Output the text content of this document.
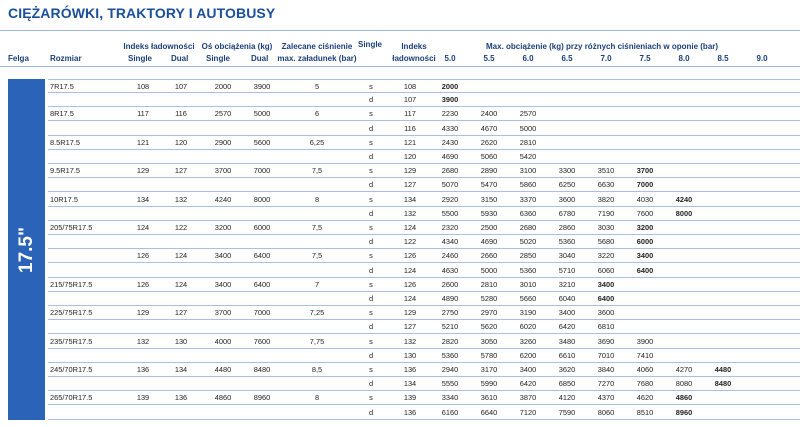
CIĘŻARÓWKI, TRAKTORY I AUTOBUSY
Felga	Rozmiar
Indeks ładowności
Single Dual
Oś obciążenia (kg)
Single	Dual
Zalecane ciśnienie
max. załadunek (bar)
Single	Indeks
ładowności
Max. obciążenie (kg) przy różnych ciśnieniach w oponie (bar)
5.0	5.5	6.0	6.5	7.0	7.5	8.0	8.5	9.0
17.5"
7R17.5	108	107	2000	3900	5	s	108	2000
d	107	3900
8R17.5	117	116	2570	5000	6	s	117	2230	2400	2570
d	116	4330	4670	5000
8.5R17.5	121	120	2900	5600	6,25	s	121	2430	2620	2810
d	120	4690	5060	5420
9.5R17.5	129	127	3700	7000	7,5	s	129	2680	2890	3100	3300	3510	3700
d	127	5070	5470	5860	6250	6630	7000
10R17.5	134	132	4240	8000	8	s	134	2920	3150	3370	3600	3820	4030	4240
d	132	5500	5930	6360	6780	7190	7600	8000
205/75R17.5	124	122	3200	6000	7,5	s	124	2320	2500	2680	2860	3030	3200
d	122	4340	4690	5020	5360	5680	6000
126	124	3400	6400	7,5	s	126	2460	2660	2850	3040	3220	3400
d	124	4630	5000	5360	5710	6060	6400
215/75R17.5	126	124	3400	6400	7	s	126	2600	2810	3010	3210	3400
d	124	4890	5280	5660	6040	6400
225/75R17.5	129	127	3700	7000	7,25	s	129	2750	2970	3190	3400	3600
d	127	5210	5620	6020	6420	6810
235/75R17.5	132	130	4000	7600	7,75	s	132	2820	3050	3260	3480	3690	3900
d	130	5360	5780	6200	6610	7010	7410
245/70R17.5	136	134	4480	8480	8,5	s	136	2940	3170	3400	3620	3840	4060	4270	4480
d	134	5550	5990	6420	6850	7270	7680	8080	8480
265/70R17.5	139	136	4860	8960	8	s	139	3340	3610	3870	4120	4370	4620	4860
d	136	6160	6640	7120	7590	8060	8510	8960
